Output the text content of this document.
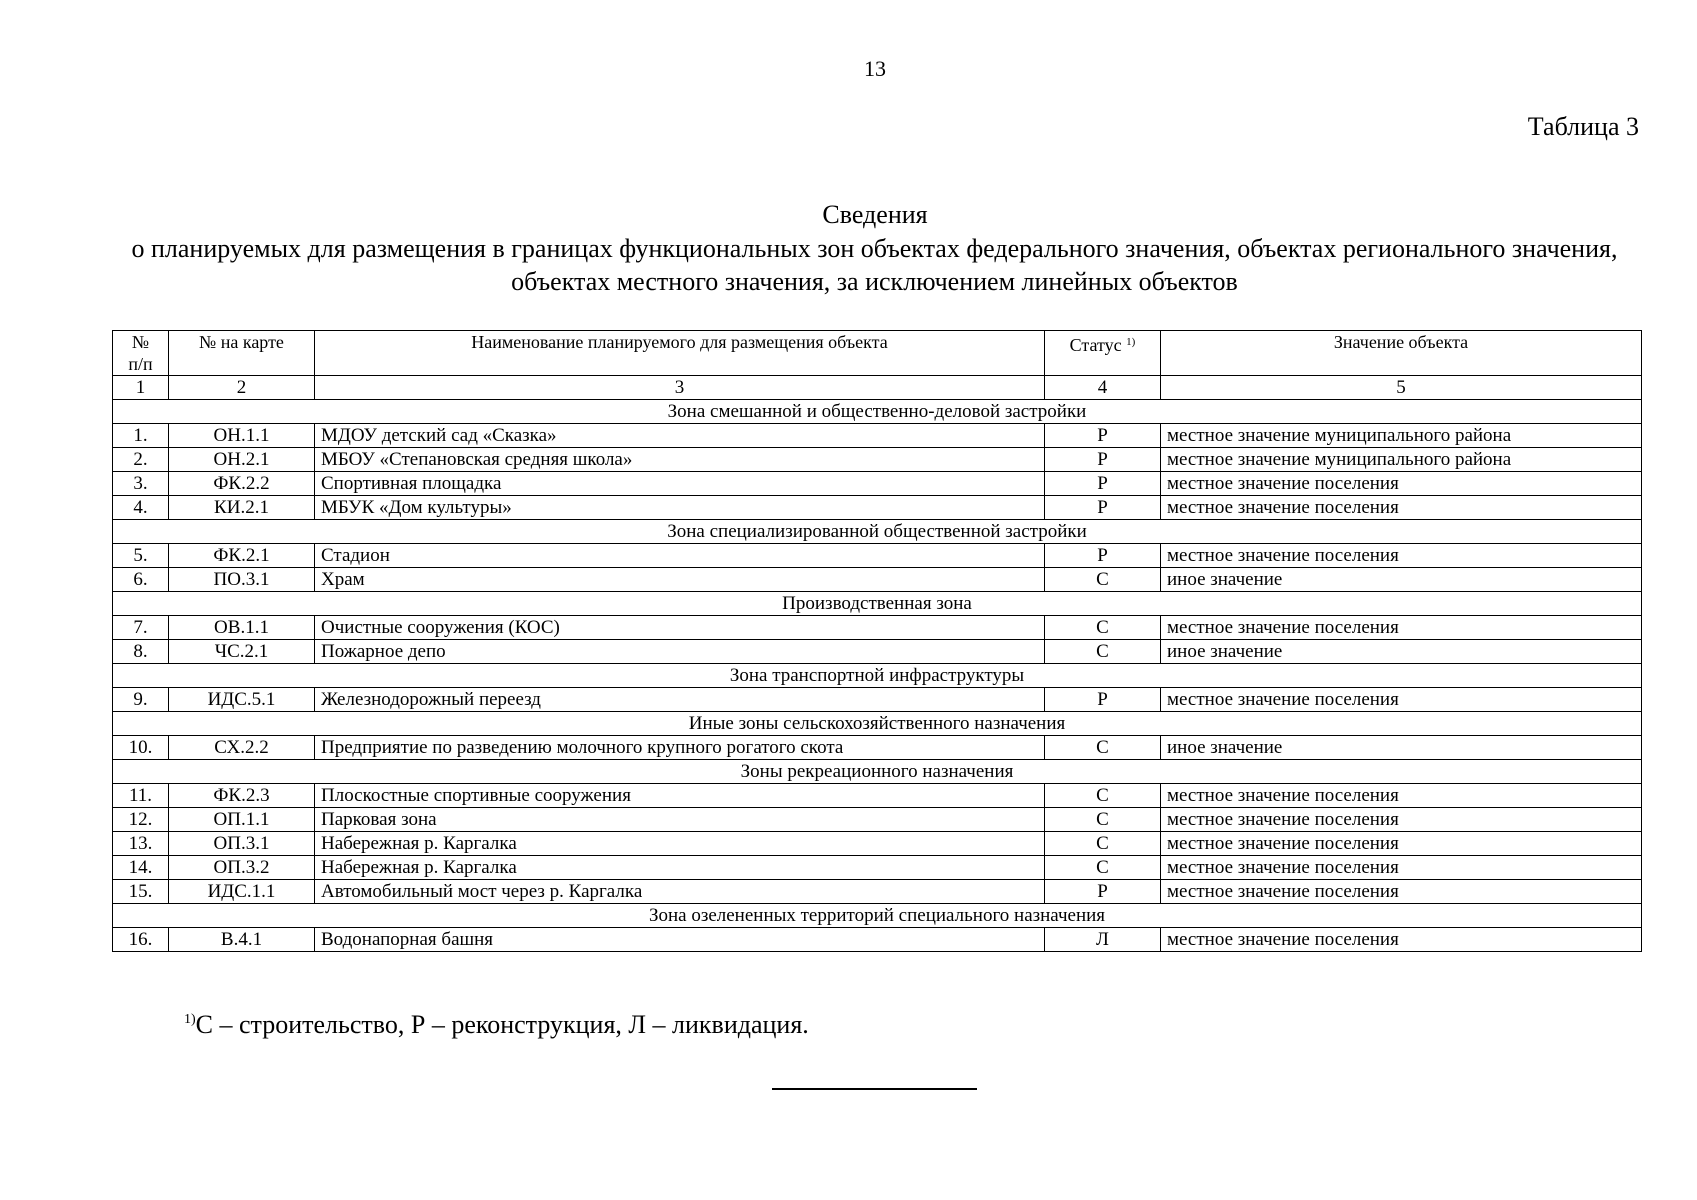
13
Таблица 3
Сведения
о планируемых для размещения в границах функциональных зон объектах федерального значения, объектах регионального значения, объектах местного значения, за исключением линейных объектов
№
п/п	№ на карте	Наименование планируемого для размещения объекта	Статус $^{1)}$	Значение объекта
1	2	3	4	5
Зона смешанной и общественно-деловой застройки				
1.	ОН.1.1	МДОУ детский сад «Сказка»	Р	местное значение муниципального района
2.	ОН.2.1	МБОУ «Степановская средняя школа»	Р	местное значение муниципального района
3.	ФК.2.2	Спортивная площадка	Р	местное значение поселения
4.	КИ.2.1	МБУК «Дом культуры»	Р	местное значение поселения
Зона специализированной общественной застройки				
5.	ФК.2.1	Стадион	Р	местное значение поселения
6.	ПО.3.1	Храм	С	иное значение
Производственная зона				
7.	ОВ.1.1	Очистные сооружения (КОС)	С	местное значение поселения
8.	ЧС.2.1	Пожарное депо	С	иное значение
Зона транспортной инфраструктуры				
9.	ИДС.5.1	Железнодорожный переезд	Р	местное значение поселения
Иные зоны сельскохозяйственного назначения				
10.	СХ.2.2	Предприятие по разведению молочного крупного рогатого скота	С	иное значение
Зоны рекреационного назначения				
11.	ФК.2.3	Плоскостные спортивные сооружения	С	местное значение поселения
12.	ОП.1.1	Парковая зона	С	местное значение поселения
13.	ОП.3.1	Набережная р. Каргалка	С	местное значение поселения
14.	ОП.3.2	Набережная р. Каргалка	С	местное значение поселения
15.	ИДС.1.1	Автомобильный мост через р. Каргалка	Р	местное значение поселения
Зона озелененных территорий специального назначения				
16.	В.4.1	Водонапорная башня	Л	местное значение поселения
$^{1)}$С – строительство, Р – реконструкция, Л – ликвидация.
